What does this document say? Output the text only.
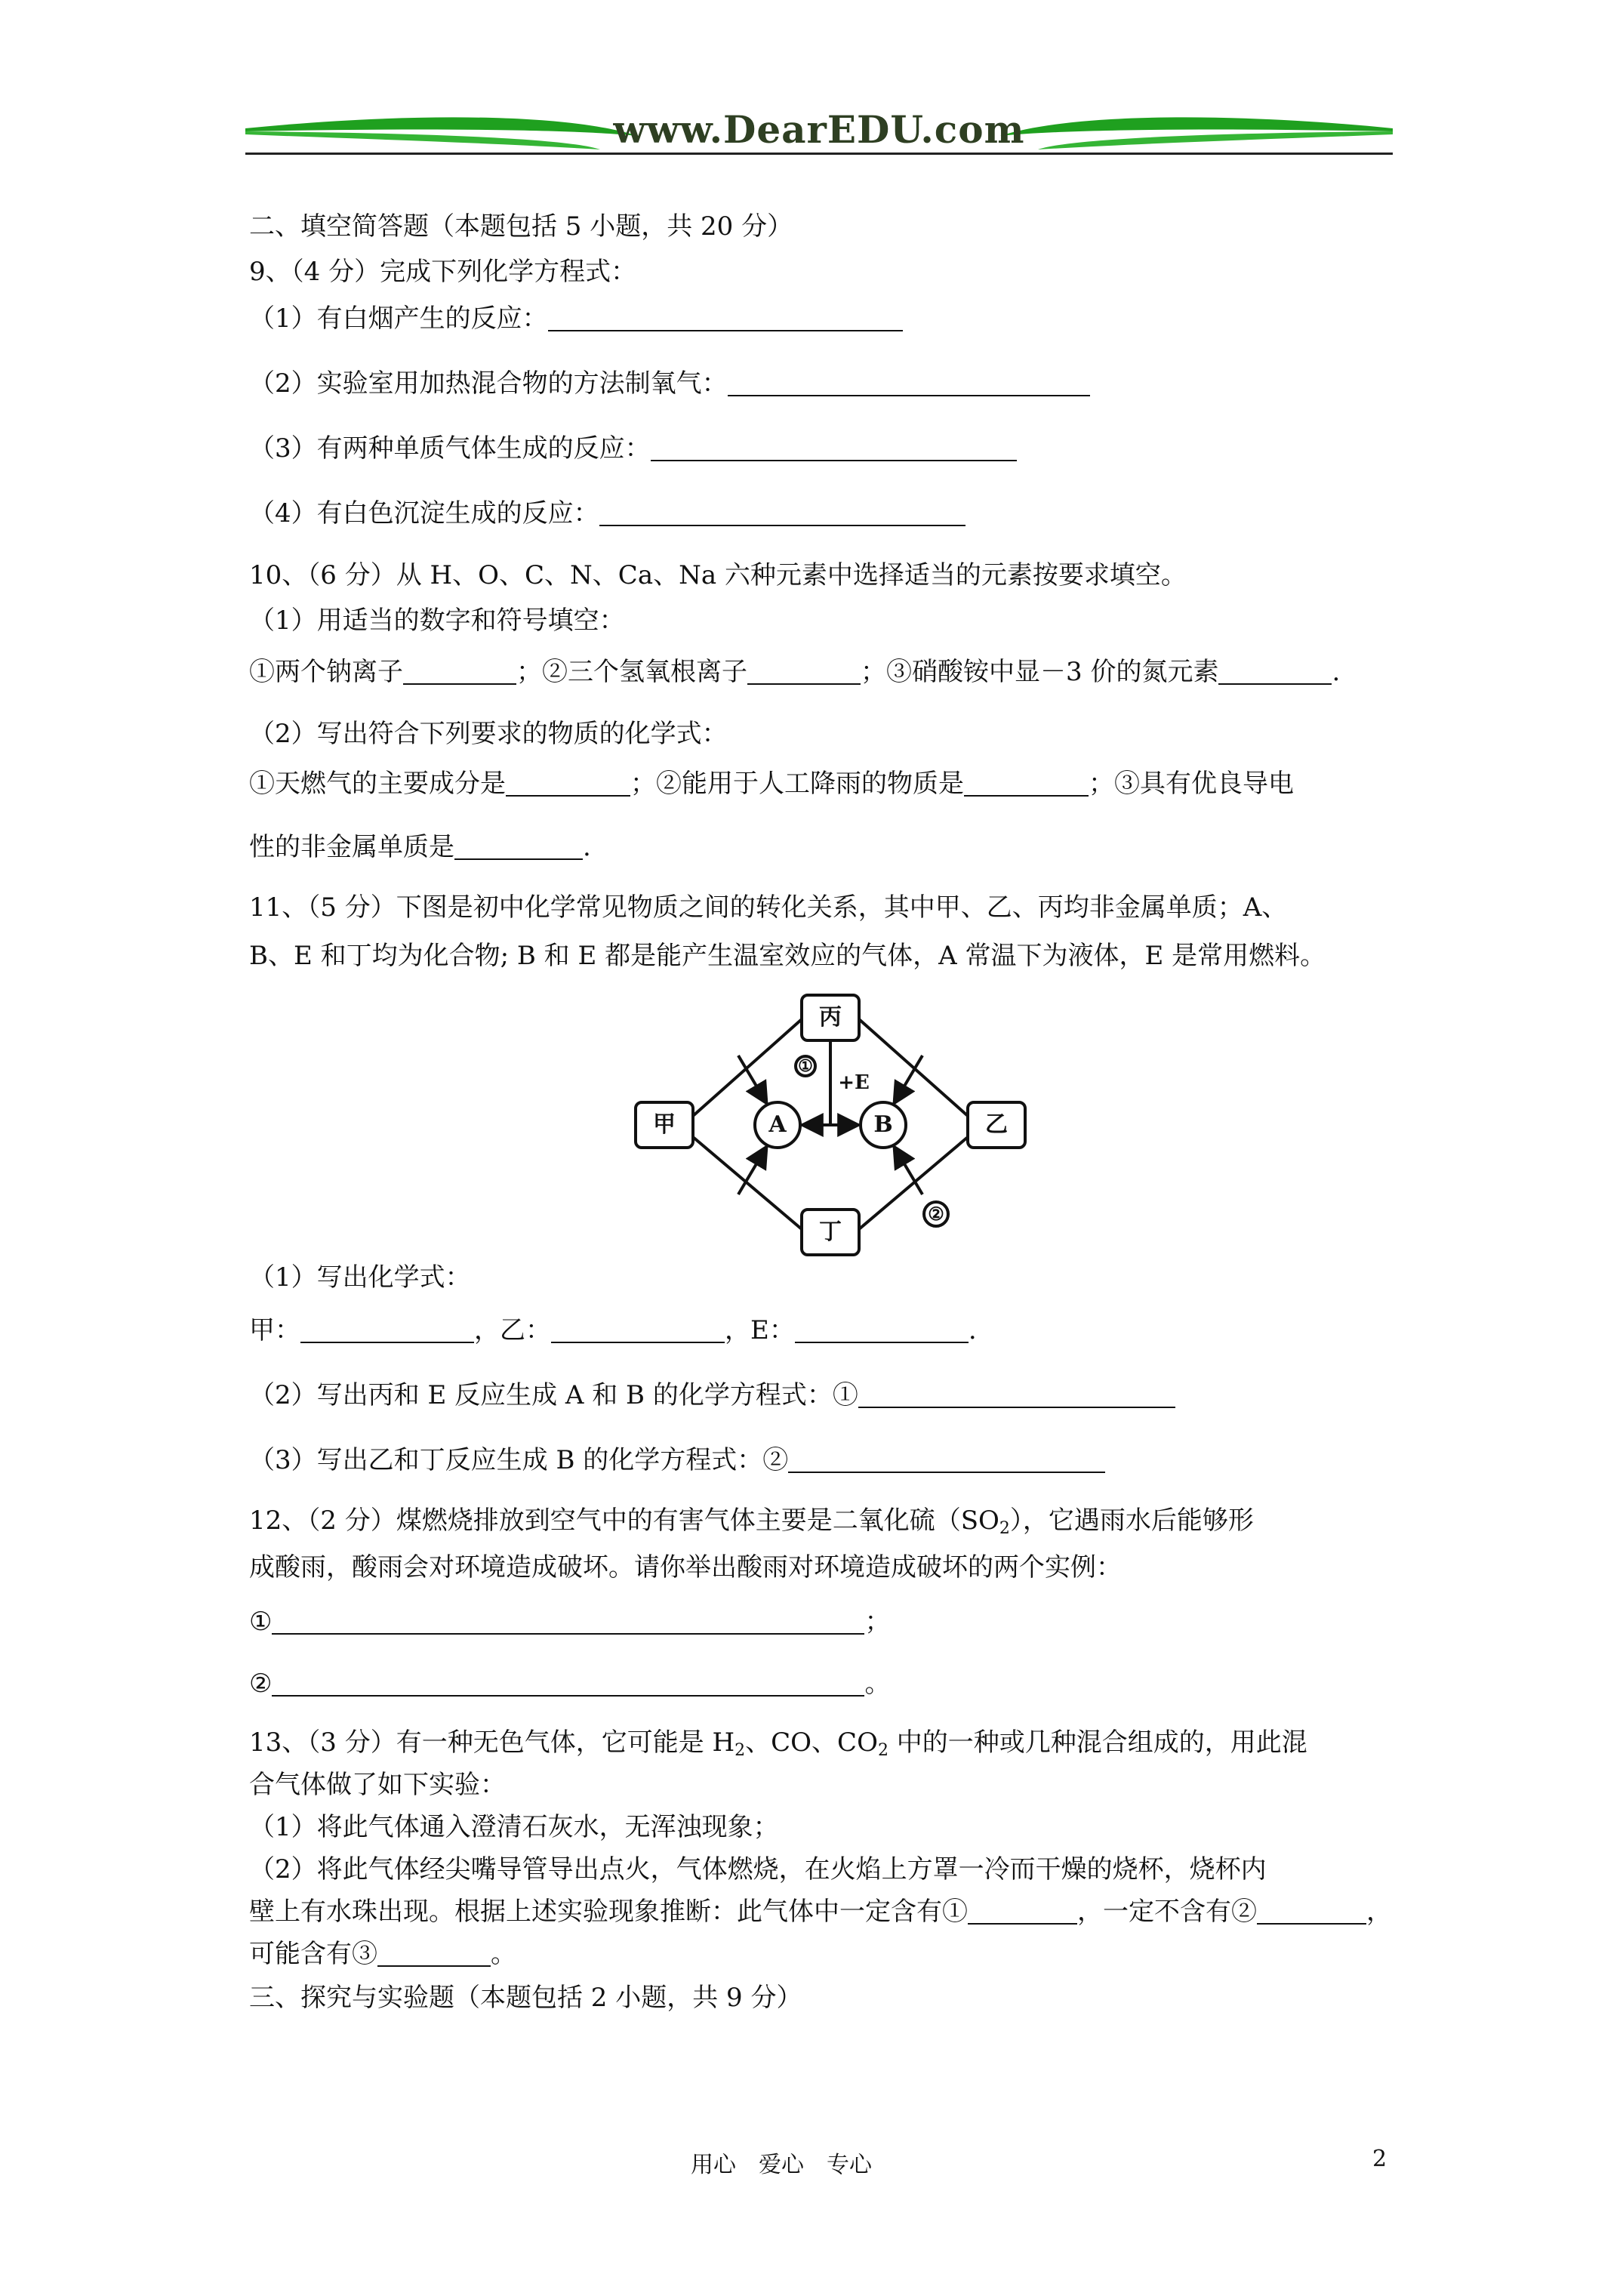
www.DearEDU.com
二、填空简答题（本题包括 5 小题，共 20 分）
9、（4 分）完成下列化学方程式：
（1）有白烟产生的反应：
（2）实验室用加热混合物的方法制氧气：
（3）有两种单质气体生成的反应：
（4）有白色沉淀生成的反应：
10、（6 分）从 H、O、C、N、Ca、Na 六种元素中选择适当的元素按要求填空。
（1）用适当的数字和符号填空：
①两个钠离子	；②三个氢氧根离子	；③硝酸铵中显－3 价的氮元素	.
（2）写出符合下列要求的物质的化学式：
①天燃气的主要成分是	；②能用于人工降雨的物质是	；③具有优良导电
性的非金属单质是	.
11、（5 分）下图是初中化学常见物质之间的转化关系，其中甲、乙、丙均非金属单质；A、
B、E 和丁均为化合物; B 和 E 都是能产生温室效应的气体，A 常温下为液体，E 是常用燃料。
丙
甲	乙
丁
A	B
+E
①
②
（1）写出化学式：
甲：	，乙：	，E：	.
（2）写出丙和 E 反应生成 A 和 B 的化学方程式：①
（3）写出乙和丁反应生成 B 的化学方程式：②
12、（2 分）煤燃烧排放到空气中的有害气体主要是二氧化硫$(SO_2)$，它遇雨水后能够形
成酸雨，酸雨会对环境造成破坏。请你举出酸雨对环境造成破坏的两个实例：
①	；
②	。
13、（3 分）有一种无色气体，它可能是 $H_2$、CO、$CO_2$ 中的一种或几种混合组成的，用此混
合气体做了如下实验：
（1）将此气体通入澄清石灰水，无浑浊现象；
（2）将此气体经尖嘴导管导出点火，气体燃烧，在火焰上方罩一冷而干燥的烧杯，烧杯内
壁上有水珠出现。根据上述实验现象推断：此气体中一定含有①	，一定不含有②	，
可能含有③	。
三、探究与实验题（本题包括 2 小题，共 9 分）
用心　爱心　专心	2
